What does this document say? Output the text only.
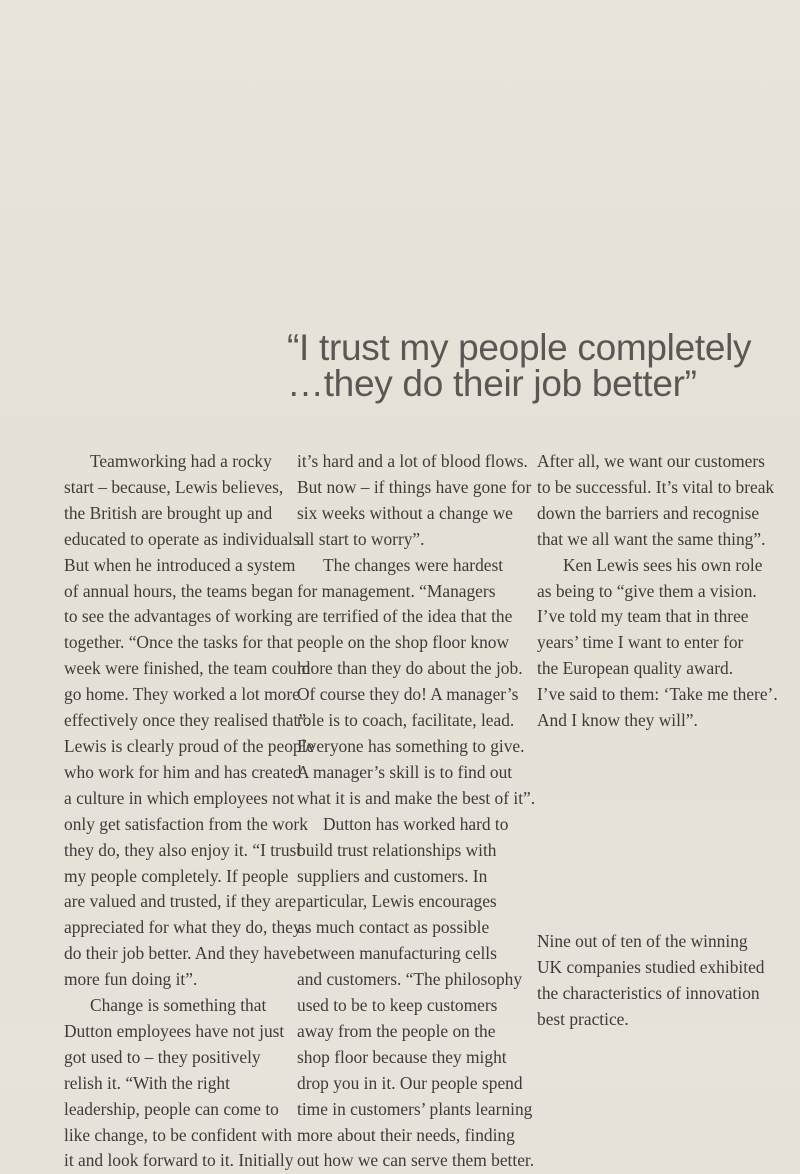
“I trust my people completely
…they do their job better”
Teamworking had a rocky
start – because, Lewis believes,
the British are brought up and
educated to operate as individuals.
But when he introduced a system
of annual hours, the teams began
to see the advantages of working
together. “Once the tasks for that
week were finished, the team could
go home. They worked a lot more
effectively once they realised that”.
Lewis is clearly proud of the people
who work for him and has created
a culture in which employees not
only get satisfaction from the work
they do, they also enjoy it. “I trust
my people completely. If people
are valued and trusted, if they are
appreciated for what they do, they
do their job better. And they have
more fun doing it”.
Change is something that
Dutton employees have not just
got used to – they positively
relish it. “With the right
leadership, people can come to
like change, to be confident with
it and look forward to it. Initially
it’s hard and a lot of blood flows.
But now – if things have gone for
six weeks without a change we
all start to worry”.
The changes were hardest
for management. “Managers
are terrified of the idea that the
people on the shop floor know
more than they do about the job.
Of course they do! A manager’s
role is to coach, facilitate, lead.
Everyone has something to give.
A manager’s skill is to find out
what it is and make the best of it”.
Dutton has worked hard to
build trust relationships with
suppliers and customers. In
particular, Lewis encourages
as much contact as possible
between manufacturing cells
and customers. “The philosophy
used to be to keep customers
away from the people on the
shop floor because they might
drop you in it. Our people spend
time in customers’ plants learning
more about their needs, finding
out how we can serve them better.
After all, we want our customers
to be successful. It’s vital to break
down the barriers and recognise
that we all want the same thing”.
Ken Lewis sees his own role
as being to “give them a vision.
I’ve told my team that in three
years’ time I want to enter for
the European quality award.
I’ve said to them: ‘Take me there’.
And I know they will”.
Nine out of ten of the winning
UK companies studied exhibited
the characteristics of innovation
best practice.
